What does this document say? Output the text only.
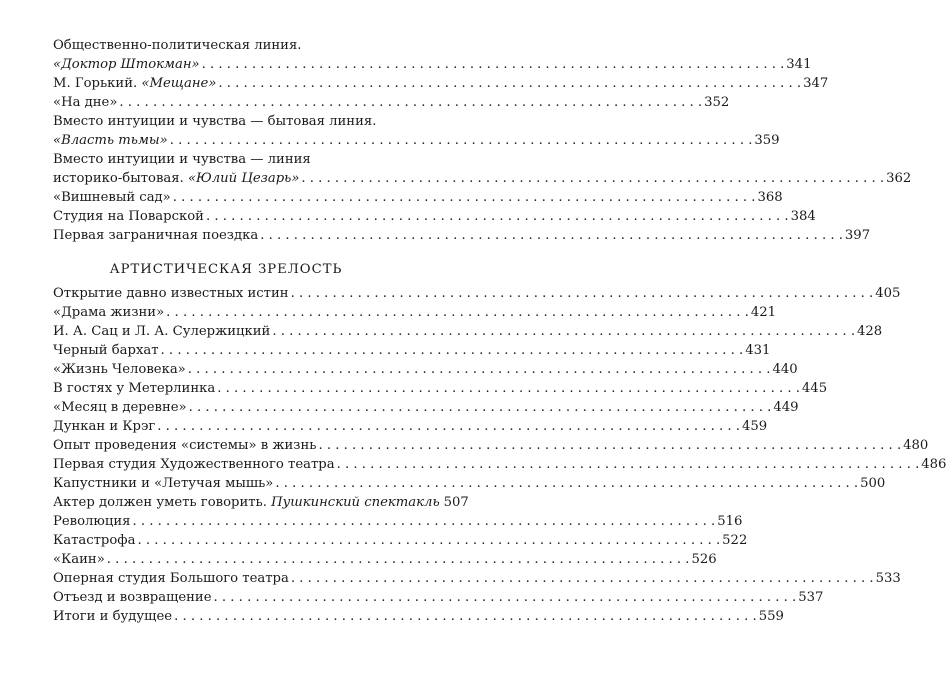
Общественно-политическая линия.
«Доктор Штокман» . . .	341
М. Горький. «Мещане» . . .	347
«На дне» . . .	352
Вместо интуиции и чувства — бытовая линия.
«Власть тьмы» . . .	359
Вместо интуиции и чувства — линия
историко-бытовая. «Юлий Цезарь» . . .	362
«Вишневый сад» . . .	368
Студия на Поварской . . .	384
Первая заграничная поездка . . .	397
АРТИСТИЧЕСКАЯ ЗРЕЛОСТЬ
Открытие давно известных истин . . .	405
«Драма жизни» . . .	421
И. А. Сац и Л. А. Сулержицкий . . .	428
Черный бархат . . .	431
«Жизнь Человека» . . .	440
В гостях у Метерлинка . . .	445
«Месяц в деревне» . . .	449
Дункан и Крэг . . .	459
Опыт проведения «системы» в жизнь . . .	480
Первая студия Художественного театра . . .	486
Капустники и «Летучая мышь» . . .	500
Актер должен уметь говорить. Пушкинский спектакль 507
Революция . . .	516
Катастрофа . . .	522
«Каин» . . .	526
Оперная студия Большого театра . . .	533
Отъезд и возвращение . . .	537
Итоги и будущее . . .	559
